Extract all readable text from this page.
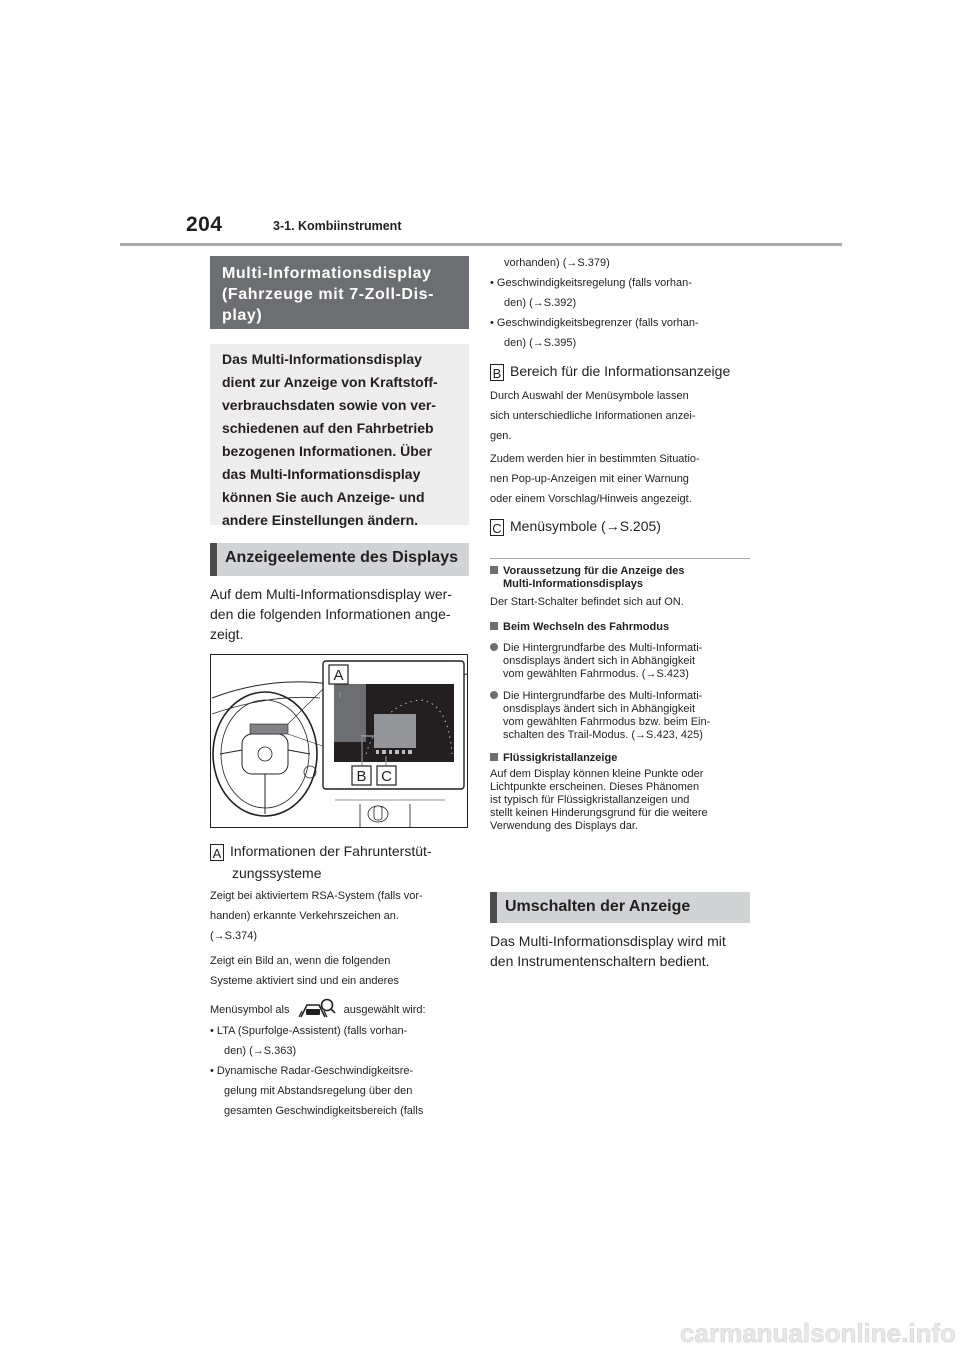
204	3-1. Kombiinstrument
Multi-Informationsdisplay
(Fahrzeuge mit 7-Zoll-Dis-
play)
Das Multi-Informationsdisplay
dient zur Anzeige von Kraftstoff-
verbrauchsdaten sowie von ver-
schiedenen auf den Fahrbetrieb
bezogenen Informationen. Über
das Multi-Informationsdisplay
können Sie auch Anzeige- und
andere Einstellungen ändern.
Anzeigeelemente des Displays
Auf dem Multi-Informationsdisplay wer-
den die folgenden Informationen ange-
zeigt.
A
B C
A Informationen der Fahrunterstüt-
zungssysteme
Zeigt bei aktiviertem RSA-System (falls vor-
handen) erkannte Verkehrszeichen an.
(→S.374)
Zeigt ein Bild an, wenn die folgenden
Systeme aktiviert sind und ein anderes
Menüsymbol als	ausgewählt wird:
• LTA (Spurfolge-Assistent) (falls vorhan-
den) (→S.363)
• Dynamische Radar-Geschwindigkeitsre-
gelung mit Abstandsregelung über den
gesamten Geschwindigkeitsbereich (falls
vorhanden) (→S.379)
• Geschwindigkeitsregelung (falls vorhan-
den) (→S.392)
• Geschwindigkeitsbegrenzer (falls vorhan-
den) (→S.395)
B Bereich für die Informationsanzeige
Durch Auswahl der Menüsymbole lassen
sich unterschiedliche Informationen anzei-
gen.
Zudem werden hier in bestimmten Situatio-
nen Pop-up-Anzeigen mit einer Warnung
oder einem Vorschlag/Hinweis angezeigt.
C Menüsymbole (→S.205)
Voraussetzung für die Anzeige des
Multi-Informationsdisplays
Der Start-Schalter befindet sich auf ON.
Beim Wechseln des Fahrmodus
Die Hintergrundfarbe des Multi-Informati-
onsdisplays ändert sich in Abhängigkeit
vom gewählten Fahrmodus. (→S.423)
Die Hintergrundfarbe des Multi-Informati-
onsdisplays ändert sich in Abhängigkeit
vom gewählten Fahrmodus bzw. beim Ein-
schalten des Trail-Modus. (→S.423, 425)
Flüssigkristallanzeige
Auf dem Display können kleine Punkte oder
Lichtpunkte erscheinen. Dieses Phänomen
ist typisch für Flüssigkristallanzeigen und
stellt keinen Hinderungsgrund für die weitere
Verwendung des Displays dar.
Umschalten der Anzeige
Das Multi-Informationsdisplay wird mit
den Instrumentenschaltern bedient.
carmanualsonline.info
